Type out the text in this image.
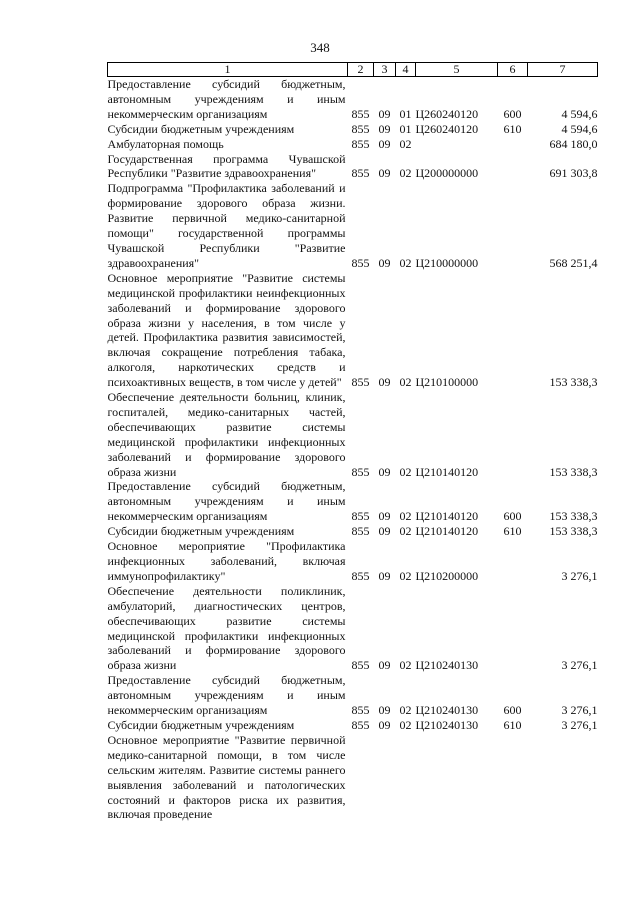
348
1	2	3	4	5	6	7
Предоставление субсидий бюджетным, автономным учреждениям и иным некоммерческим организациям	855	09	01	Ц260240120	600	4 594,6
Субсидии бюджетным учреждениям	855	09	01	Ц260240120	610	4 594,6
Амбулаторная помощь	855	09	02			684 180,0
Государственная программа Чувашской Республики "Развитие здравоохранения"	855	09	02	Ц200000000		691 303,8
Подпрограмма "Профилактика заболеваний и формирование здорового образа жизни. Развитие первичной медико-санитарной помощи" государственной программы Чувашской Республики "Развитие здравоохранения"	855	09	02	Ц210000000		568 251,4
Основное мероприятие "Развитие системы медицинской профилактики неинфекционных заболеваний и формирование здорового образа жизни у населения, в том числе у детей. Профилактика развития зависимостей, включая сокращение потребления табака, алкоголя, наркотических средств и психоактивных веществ, в том числе у детей"	855	09	02	Ц210100000		153 338,3
Обеспечение деятельности больниц, клиник, госпиталей, медико-санитарных частей, обеспечивающих развитие системы медицинской профилактики инфекционных заболеваний и формирование здорового образа жизни	855	09	02	Ц210140120		153 338,3
Предоставление субсидий бюджетным, автономным учреждениям и иным некоммерческим организациям	855	09	02	Ц210140120	600	153 338,3
Субсидии бюджетным учреждениям	855	09	02	Ц210140120	610	153 338,3
Основное мероприятие "Профилактика инфекционных заболеваний, включая иммунопрофилактику"	855	09	02	Ц210200000		3 276,1
Обеспечение деятельности поликлиник, амбулаторий, диагностических центров, обеспечивающих развитие системы медицинской профилактики инфекционных заболеваний и формирование здорового образа жизни	855	09	02	Ц210240130		3 276,1
Предоставление субсидий бюджетным, автономным учреждениям и иным некоммерческим организациям	855	09	02	Ц210240130	600	3 276,1
Субсидии бюджетным учреждениям	855	09	02	Ц210240130	610	3 276,1
Основное мероприятие "Развитие первичной медико-санитарной помощи, в том числе сельским жителям. Развитие системы раннего выявления заболеваний и патологических состояний и факторов риска их развития, включая проведение						
